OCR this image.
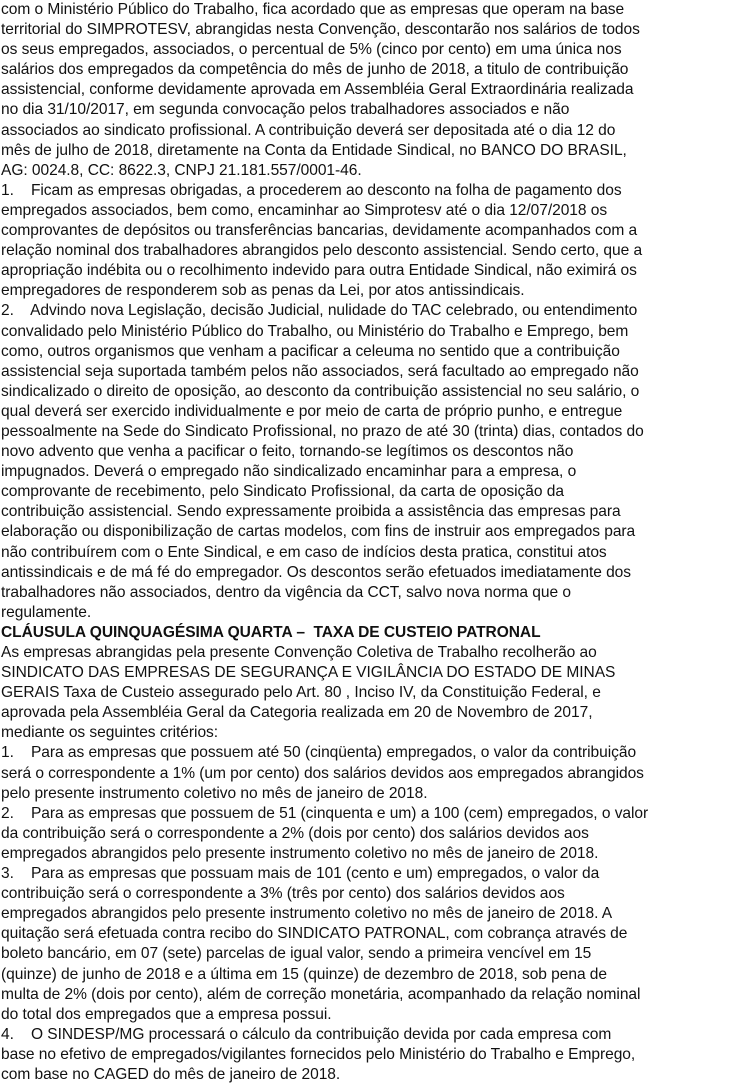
com o Ministério Público do Trabalho, fica acordado que as empresas que operam na base
territorial do SIMPROTESV, abrangidas nesta Convenção, descontarão nos salários de todos
os seus empregados, associados, o percentual de 5% (cinco por cento) em uma única nos
salários dos empregados da competência do mês de junho de 2018, a titulo de contribuição
assistencial, conforme devidamente aprovada em Assembléia Geral Extraordinária realizada
no dia 31/10/2017, em segunda convocação pelos trabalhadores associados e não
associados ao sindicato profissional. A contribuição deverá ser depositada até o dia 12 do
mês de julho de 2018, diretamente na Conta da Entidade Sindical, no BANCO DO BRASIL,
AG: 0024.8, CC: 8622.3, CNPJ 21.181.557/0001-46.
1.    Ficam as empresas obrigadas, a procederem ao desconto na folha de pagamento dos
empregados associados, bem como, encaminhar ao Simprotesv até o dia 12/07/2018 os
comprovantes de depósitos ou transferências bancarias, devidamente acompanhados com a
relação nominal dos trabalhadores abrangidos pelo desconto assistencial. Sendo certo, que a
apropriação indébita ou o recolhimento indevido para outra Entidade Sindical, não eximirá os
empregadores de responderem sob as penas da Lei, por atos antissindicais.
2.    Advindo nova Legislação, decisão Judicial, nulidade do TAC celebrado, ou entendimento
convalidado pelo Ministério Público do Trabalho, ou Ministério do Trabalho e Emprego, bem
como, outros organismos que venham a pacificar a celeuma no sentido que a contribuição
assistencial seja suportada também pelos não associados, será facultado ao empregado não
sindicalizado o direito de oposição, ao desconto da contribuição assistencial no seu salário, o
qual deverá ser exercido individualmente e por meio de carta de próprio punho, e entregue
pessoalmente na Sede do Sindicato Profissional, no prazo de até 30 (trinta) dias, contados do
novo advento que venha a pacificar o feito, tornando-se legítimos os descontos não
impugnados. Deverá o empregado não sindicalizado encaminhar para a empresa, o
comprovante de recebimento, pelo Sindicato Profissional, da carta de oposição da
contribuição assistencial. Sendo expressamente proibida a assistência das empresas para
elaboração ou disponibilização de cartas modelos, com fins de instruir aos empregados para
não contribuírem com o Ente Sindical, e em caso de indícios desta pratica, constitui atos
antissindicais e de má fé do empregador. Os descontos serão efetuados imediatamente dos
trabalhadores não associados, dentro da vigência da CCT, salvo nova norma que o
regulamente.
CLÁUSULA QUINQUAGÉSIMA QUARTA –  TAXA DE CUSTEIO PATRONAL
As empresas abrangidas pela presente Convenção Coletiva de Trabalho recolherão ao
SINDICATO DAS EMPRESAS DE SEGURANÇA E VIGILÂNCIA DO ESTADO DE MINAS
GERAIS Taxa de Custeio assegurado pelo Art. 80 , Inciso IV, da Constituição Federal, e
aprovada pela Assembléia Geral da Categoria realizada em 20 de Novembro de 2017,
mediante os seguintes critérios:
1.    Para as empresas que possuem até 50 (cinqüenta) empregados, o valor da contribuição
será o correspondente a 1% (um por cento) dos salários devidos aos empregados abrangidos
pelo presente instrumento coletivo no mês de janeiro de 2018.
2.    Para as empresas que possuem de 51 (cinquenta e um) a 100 (cem) empregados, o valor
da contribuição será o correspondente a 2% (dois por cento) dos salários devidos aos
empregados abrangidos pelo presente instrumento coletivo no mês de janeiro de 2018.
3.    Para as empresas que possuam mais de 101 (cento e um) empregados, o valor da
contribuição será o correspondente a 3% (três por cento) dos salários devidos aos
empregados abrangidos pelo presente instrumento coletivo no mês de janeiro de 2018. A
quitação será efetuada contra recibo do SINDICATO PATRONAL, com cobrança através de
boleto bancário, em 07 (sete) parcelas de igual valor, sendo a primeira vencível em 15
(quinze) de junho de 2018 e a última em 15 (quinze) de dezembro de 2018, sob pena de
multa de 2% (dois por cento), além de correção monetária, acompanhado da relação nominal
do total dos empregados que a empresa possui.
4.    O SINDESP/MG processará o cálculo da contribuição devida por cada empresa com
base no efetivo de empregados/vigilantes fornecidos pelo Ministério do Trabalho e Emprego,
com base no CAGED do mês de janeiro de 2018.
